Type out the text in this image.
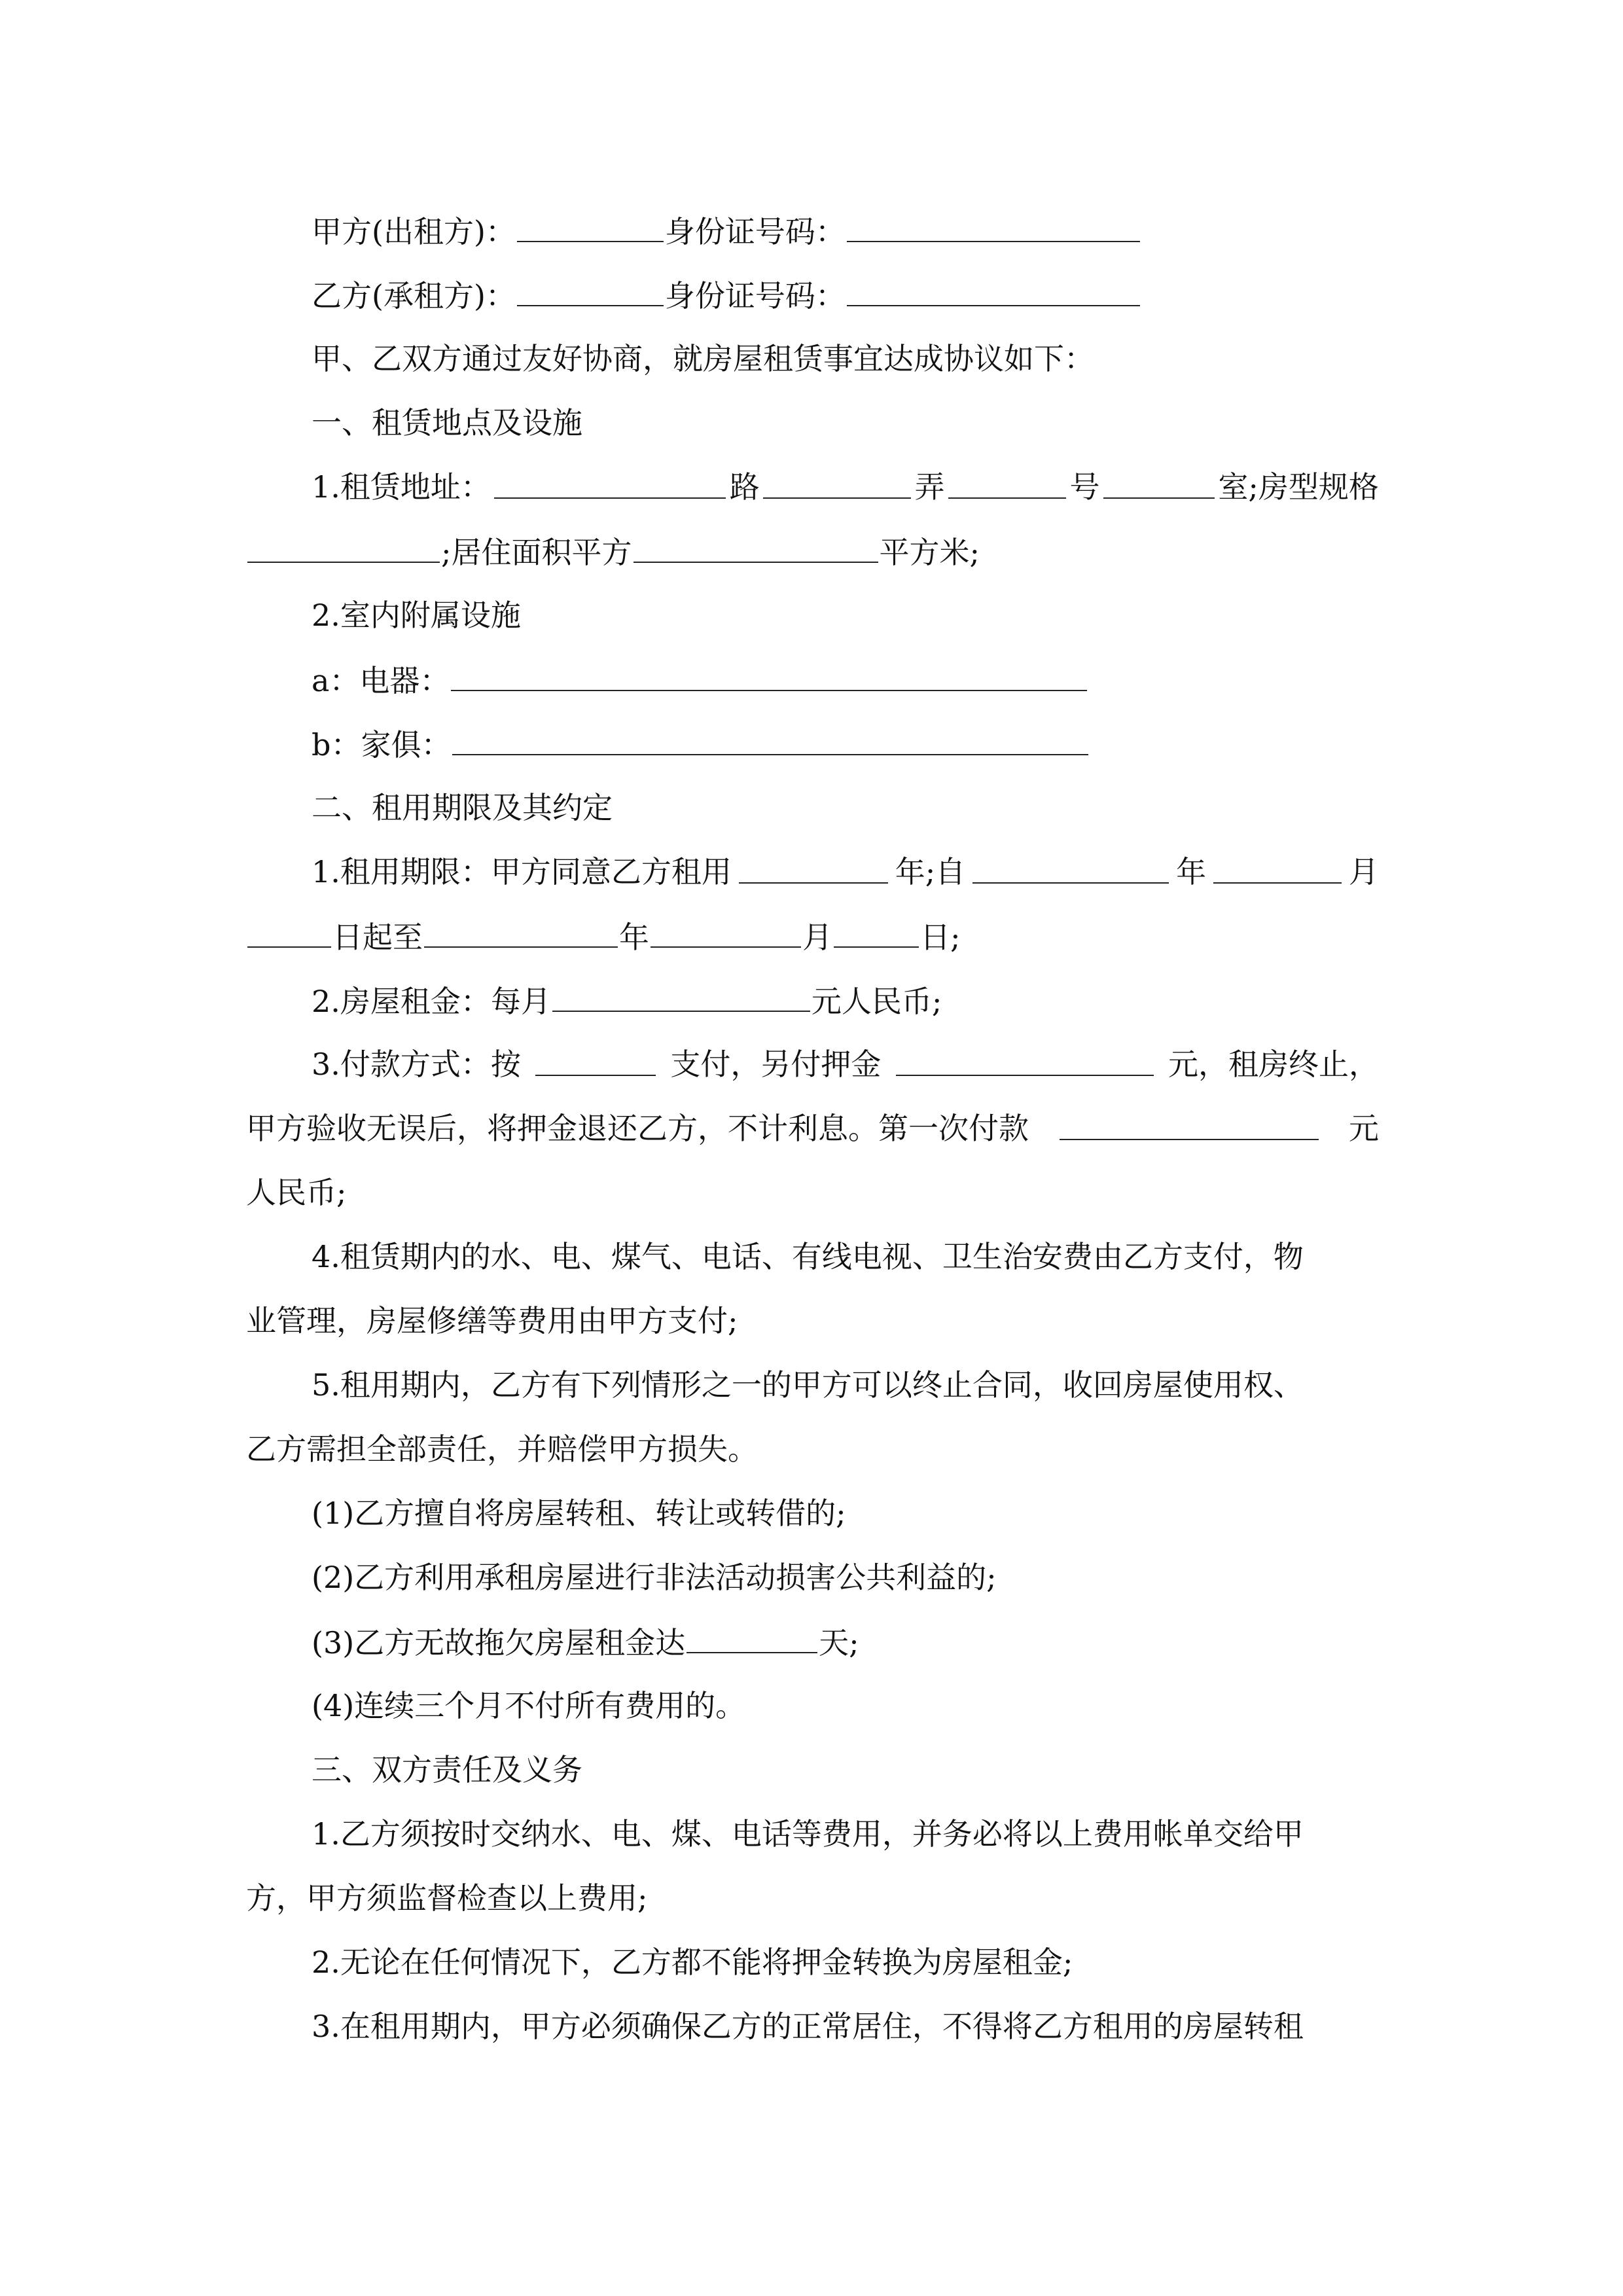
甲方(出租方)：	身份证号码：
乙方(承租方)：	身份证号码：
甲、乙双方通过友好协商，就房屋租赁事宜达成协议如下：
一、租赁地点及设施
1.租赁地址：	路	弄	号	室;房型规格
;居住面积平方	平方米;
2.室内附属设施
a：电器：
b：家俱：
二、租用期限及其约定
1.租用期限：甲方同意乙方租用	年;自	年	月
日起至	年	月	日;
2.房屋租金：每月	元人民币;
3.付款方式：按	支付，另付押金	元，租房终止，
甲方验收无误后，将押金退还乙方，不计利息。第一次付款	元
人民币;
4.租赁期内的水、电、煤气、电话、有线电视、卫生治安费由乙方支付，物
业管理，房屋修缮等费用由甲方支付;
5.租用期内，乙方有下列情形之一的甲方可以终止合同，收回房屋使用权、
乙方需担全部责任，并赔偿甲方损失。
(1)乙方擅自将房屋转租、转让或转借的;
(2)乙方利用承租房屋进行非法活动损害公共利益的;
(3)乙方无故拖欠房屋租金达	天;
(4)连续三个月不付所有费用的。
三、双方责任及义务
1.乙方须按时交纳水、电、煤、电话等费用，并务必将以上费用帐单交给甲
方，甲方须监督检查以上费用;
2.无论在任何情况下，乙方都不能将押金转换为房屋租金;
3.在租用期内，甲方必须确保乙方的正常居住，不得将乙方租用的房屋转租
